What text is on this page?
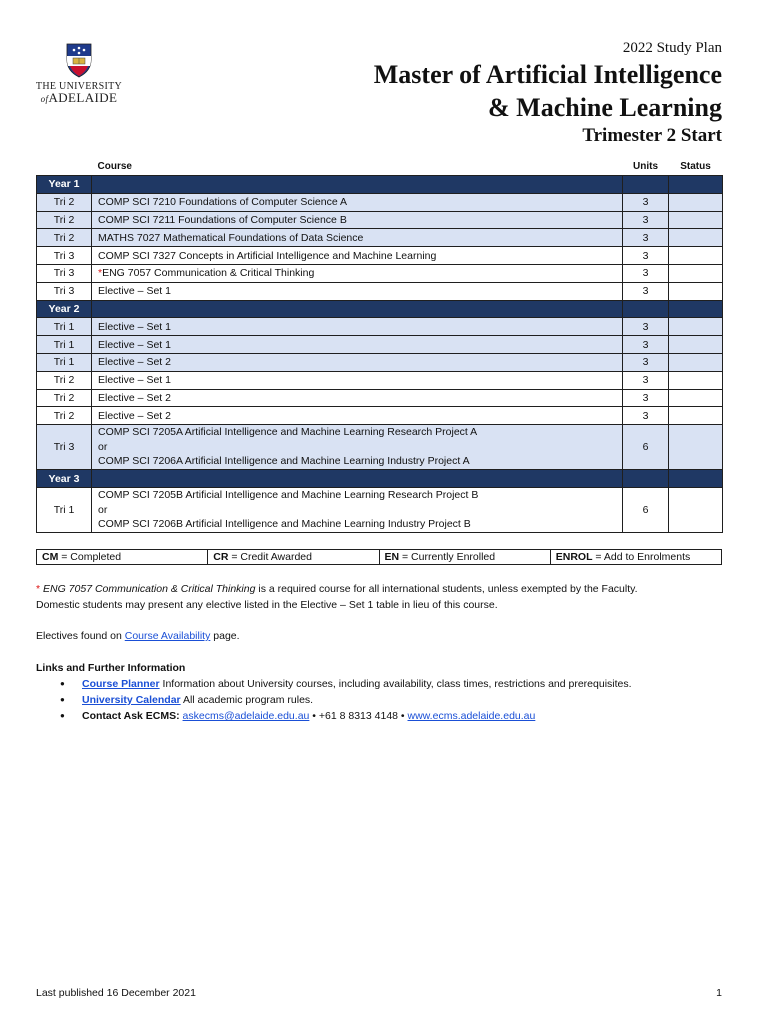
THE UNIVERSITY
ofADELAIDE
2022 Study Plan
Master of Artificial Intelligence
& Machine Learning
Trimester 2 Start
	Course	Units	Status
Year 1			
Tri 2	COMP SCI 7210 Foundations of Computer Science A	3	
Tri 2	COMP SCI 7211 Foundations of Computer Science B	3	
Tri 2	MATHS 7027 Mathematical Foundations of Data Science	3	
Tri 3	COMP SCI 7327 Concepts in Artificial Intelligence and Machine Learning	3	
Tri 3	*ENG 7057 Communication & Critical Thinking	3	
Tri 3	Elective – Set 1	3	
Year 2			
Tri 1	Elective – Set 1	3	
Tri 1	Elective – Set 1	3	
Tri 1	Elective – Set 2	3	
Tri 2	Elective – Set 1	3	
Tri 2	Elective – Set 2	3	
Tri 2	Elective – Set 2	3	
Tri 3	COMP SCI 7205A Artificial Intelligence and Machine Learning Research Project A
or
COMP SCI 7206A Artificial Intelligence and Machine Learning Industry Project A	6	
Year 3			
Tri 1	COMP SCI 7205B Artificial Intelligence and Machine Learning Research Project B
or
COMP SCI 7206B Artificial Intelligence and Machine Learning Industry Project B	6	
CM = Completed	CR = Credit Awarded	EN = Currently Enrolled	ENROL = Add to Enrolments
* ENG 7057 Communication & Critical Thinking is a required course for all international students, unless exempted by the Faculty.
Domestic students may present any elective listed in the Elective – Set 1 table in lieu of this course.
Electives found on Course Availability page.
Links and Further Information
● Course Planner Information about University courses, including availability, class times, restrictions and prerequisites.
● University Calendar All academic program rules.
● Contact Ask ECMS: askecms@adelaide.edu.au • +61 8 8313 4148 • www.ecms.adelaide.edu.au
Last published 16 December 2021	1
